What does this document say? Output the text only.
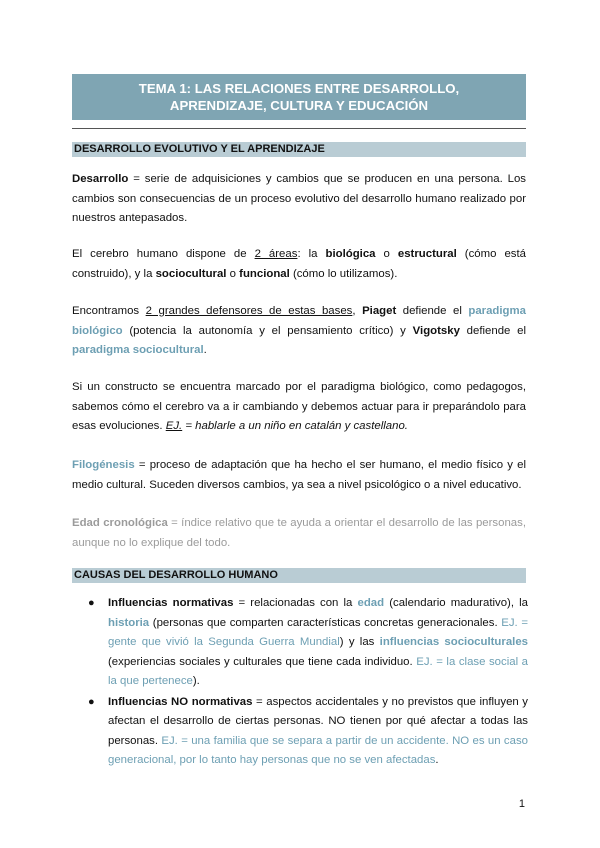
TEMA 1: LAS RELACIONES ENTRE DESARROLLO,
APRENDIZAJE, CULTURA Y EDUCACIÓN
DESARROLLO EVOLUTIVO Y EL APRENDIZAJE

Desarrollo = serie de adquisiciones y cambios que se producen en una persona. Los cambios son consecuencias de un proceso evolutivo del desarrollo humano realizado por nuestros antepasados.

El cerebro humano dispone de 2 áreas: la biológica o estructural (cómo está construido), y la sociocultural o funcional (cómo lo utilizamos).

Encontramos 2 grandes defensores de estas bases, Piaget defiende el paradigma biológico (potencia la autonomía y el pensamiento crítico) y Vigotsky defiende el paradigma sociocultural.

Si un constructo se encuentra marcado por el paradigma biológico, como pedagogos, sabemos cómo el cerebro va a ir cambiando y debemos actuar para ir preparándolo para esas evoluciones. EJ. = hablarle a un niño en catalán y castellano.

Filogénesis = proceso de adaptación que ha hecho el ser humano, el medio físico y el medio cultural. Suceden diversos cambios, ya sea a nivel psicológico o a nivel educativo.

Edad cronológica = índice relativo que te ayuda a orientar el desarrollo de las personas, aunque no lo explique del todo.

CAUSAS DEL DESARROLLO HUMANO
● Influencias normativas = relacionadas con la edad (calendario madurativo), la historia (personas que comparten características concretas generacionales. EJ. = gente que vivió la Segunda Guerra Mundial) y las influencias socioculturales (experiencias sociales y culturales que tiene cada individuo. EJ. = la clase social a la que pertenece).
● Influencias NO normativas = aspectos accidentales y no previstos que influyen y afectan el desarrollo de ciertas personas. NO tienen por qué afectar a todas las personas. EJ. = una familia que se separa a partir de un accidente. NO es un caso generacional, por lo tanto hay personas que no se ven afectadas.
1
